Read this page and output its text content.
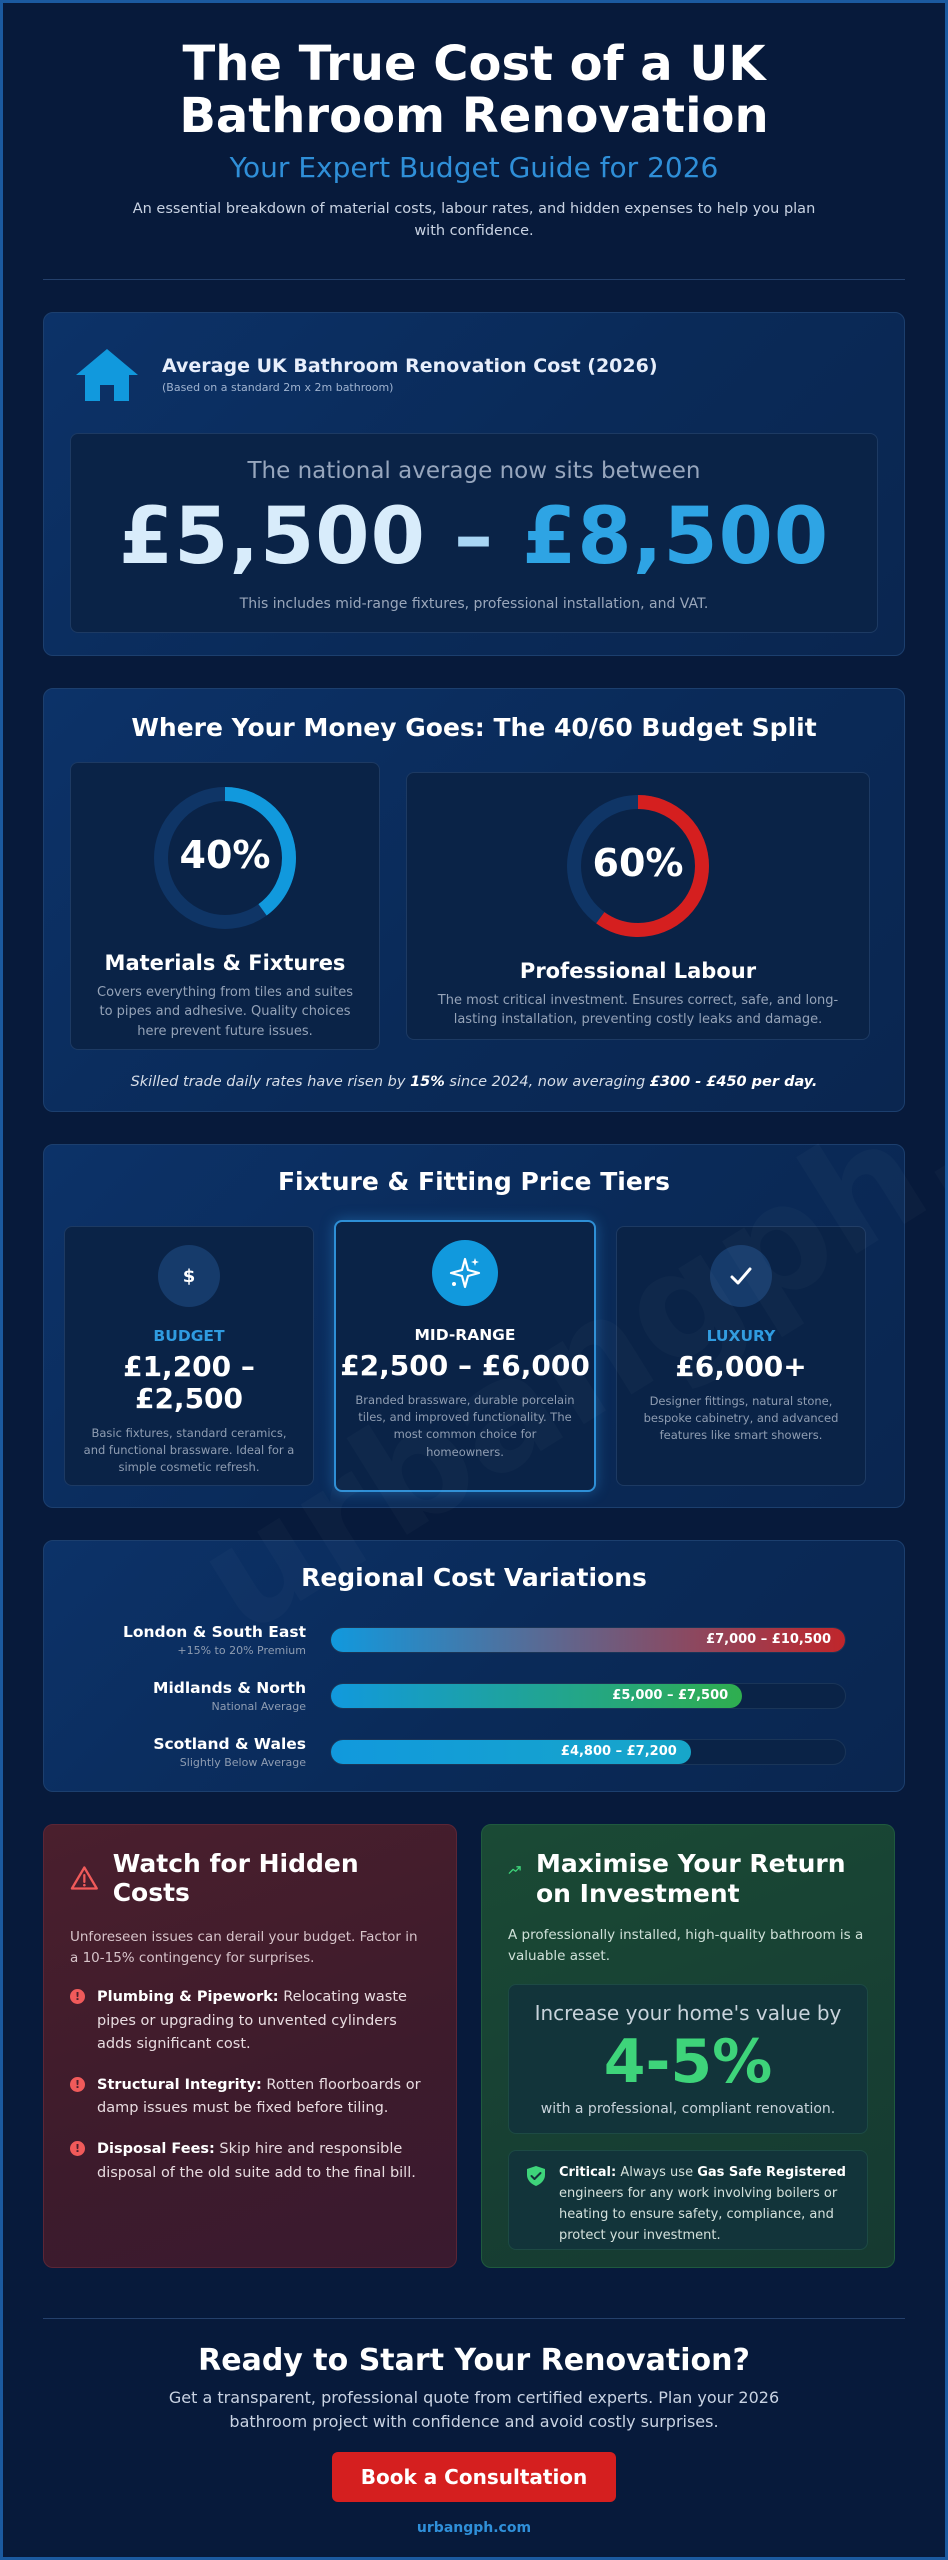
The True Cost of a UK Bathroom Renovation
Your Expert Budget Guide for 2026

An essential breakdown of material costs, labour rates, and hidden expenses to help you plan with confidence.

Average UK Bathroom Renovation Cost (2026)
(Based on a standard 2m x 2m bathroom)
The national average now sits between
£5,500 – £8,500
This includes mid-range fixtures, professional installation, and VAT.
Where Your Money Goes: The 40/60 Budget Split
40%
Materials & Fixtures
Covers everything from tiles and suites to pipes and adhesive. Quality choices here prevent future issues.
60%
Professional Labour
The most critical investment. Ensures correct, safe, and long-lasting installation, preventing costly leaks and damage.
Skilled trade daily rates have risen by 15% since 2024, now averaging £300 - £450 per day.
Fixture & Fitting Price Tiers
$
BUDGET
£1,200 – £2,500
Basic fixtures, standard ceramics, and functional brassware. Ideal for a simple cosmetic refresh.
MID-RANGE
£2,500 – £6,000
Branded brassware, durable porcelain tiles, and improved functionality. The most common choice for homeowners.
LUXURY
£6,000+
Designer fittings, natural stone, bespoke cabinetry, and advanced features like smart showers.
Regional Cost Variations
London & South East
+15% to 20% Premium
£7,000 – £10,500
Midlands & North
National Average
£5,000 – £7,500
Scotland & Wales
Slightly Below Average
£4,800 – £7,200
Watch for Hidden Costs
Unforeseen issues can derail your budget. Factor in a 10-15% contingency for surprises.
!	Plumbing & Pipework: Relocating waste pipes or upgrading to unvented cylinders adds significant cost.
!	Structural Integrity: Rotten floorboards or damp issues must be fixed before tiling.
!	Disposal Fees: Skip hire and responsible disposal of the old suite add to the final bill.
Maximise Your Return on Investment
A professionally installed, high-quality bathroom is a valuable asset.
Increase your home's value by
4-5%
with a professional, compliant renovation.
Critical: Always use Gas Safe Registered engineers for any work involving boilers or heating to ensure safety, compliance, and protect your investment.
Ready to Start Your Renovation?

Get a transparent, professional quote from certified experts. Plan your 2026 bathroom project with confidence and avoid costly surprises.

Book a Consultation
urbangph.com
